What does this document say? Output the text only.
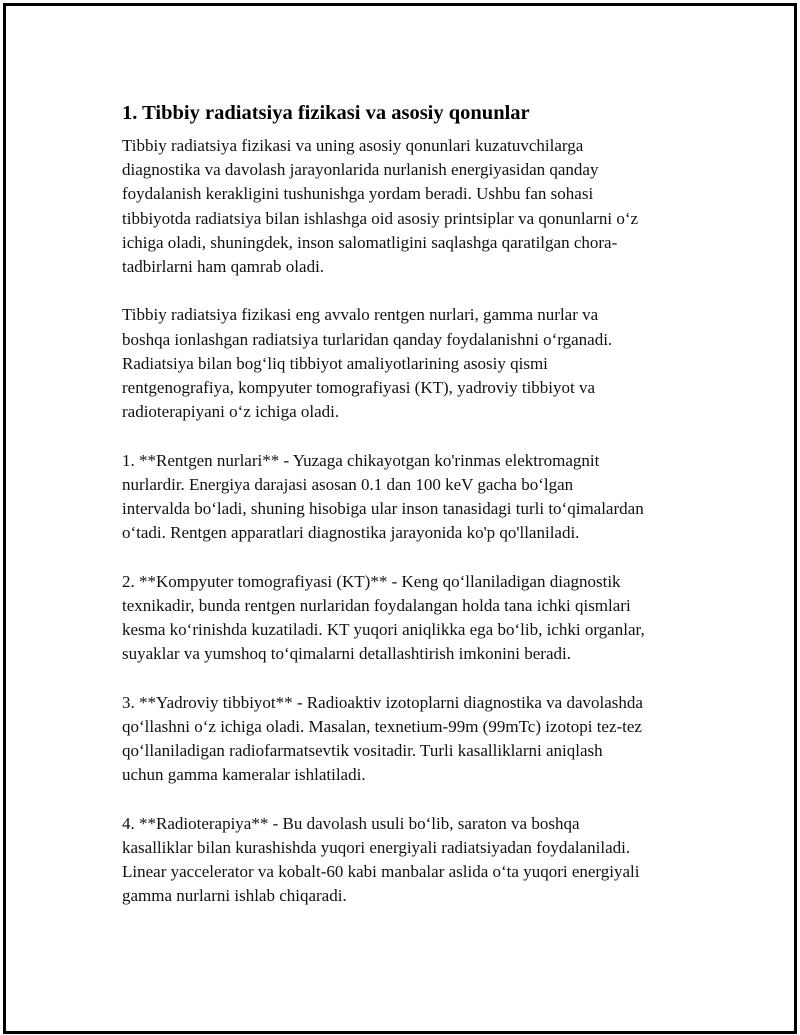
1. Tibbiy radiatsiya fizikasi va asosiy qonunlar

Tibbiy radiatsiya fizikasi va uning asosiy qonunlari kuzatuvchilarga
diagnostika va davolash jarayonlarida nurlanish energiyasidan qanday
foydalanish kerakligini tushunishga yordam beradi. Ushbu fan sohasi
tibbiyotda radiatsiya bilan ishlashga oid asosiy printsiplar va qonunlarni o‘z
ichiga oladi, shuningdek, inson salomatligini saqlashga qaratilgan chora-
tadbirlarni ham qamrab oladi.

Tibbiy radiatsiya fizikasi eng avvalo rentgen nurlari, gamma nurlar va
boshqa ionlashgan radiatsiya turlaridan qanday foydalanishni o‘rganadi.
Radiatsiya bilan bog‘liq tibbiyot amaliyotlarining asosiy qismi
rentgenografiya, kompyuter tomografiyasi (KT), yadroviy tibbiyot va
radioterapiyani o‘z ichiga oladi.

1. **Rentgen nurlari** - Yuzaga chikayotgan ko'rinmas elektromagnit
nurlardir. Energiya darajasi asosan 0.1 dan 100 keV gacha bo‘lgan
intervalda bo‘ladi, shuning hisobiga ular inson tanasidagi turli to‘qimalardan
o‘tadi. Rentgen apparatlari diagnostika jarayonida ko'p qo'llaniladi.

2. **Kompyuter tomografiyasi (KT)** - Keng qo‘llaniladigan diagnostik
texnikadir, bunda rentgen nurlaridan foydalangan holda tana ichki qismlari
kesma ko‘rinishda kuzatiladi. KT yuqori aniqlikka ega bo‘lib, ichki organlar,
suyaklar va yumshoq to‘qimalarni detallashtirish imkonini beradi.

3. **Yadroviy tibbiyot** - Radioaktiv izotoplarni diagnostika va davolashda
qo‘llashni o‘z ichiga oladi. Masalan, texnetium-99m (99mTc) izotopi tez-tez
qo‘llaniladigan radiofarmatsevtik vositadir. Turli kasalliklarni aniqlash
uchun gamma kameralar ishlatiladi.

4. **Radioterapiya** - Bu davolash usuli bo‘lib, saraton va boshqa
kasalliklar bilan kurashishda yuqori energiyali radiatsiyadan foydalaniladi.
Linear yaccelerator va kobalt-60 kabi manbalar aslida o‘ta yuqori energiyali
gamma nurlarni ishlab chiqaradi.
